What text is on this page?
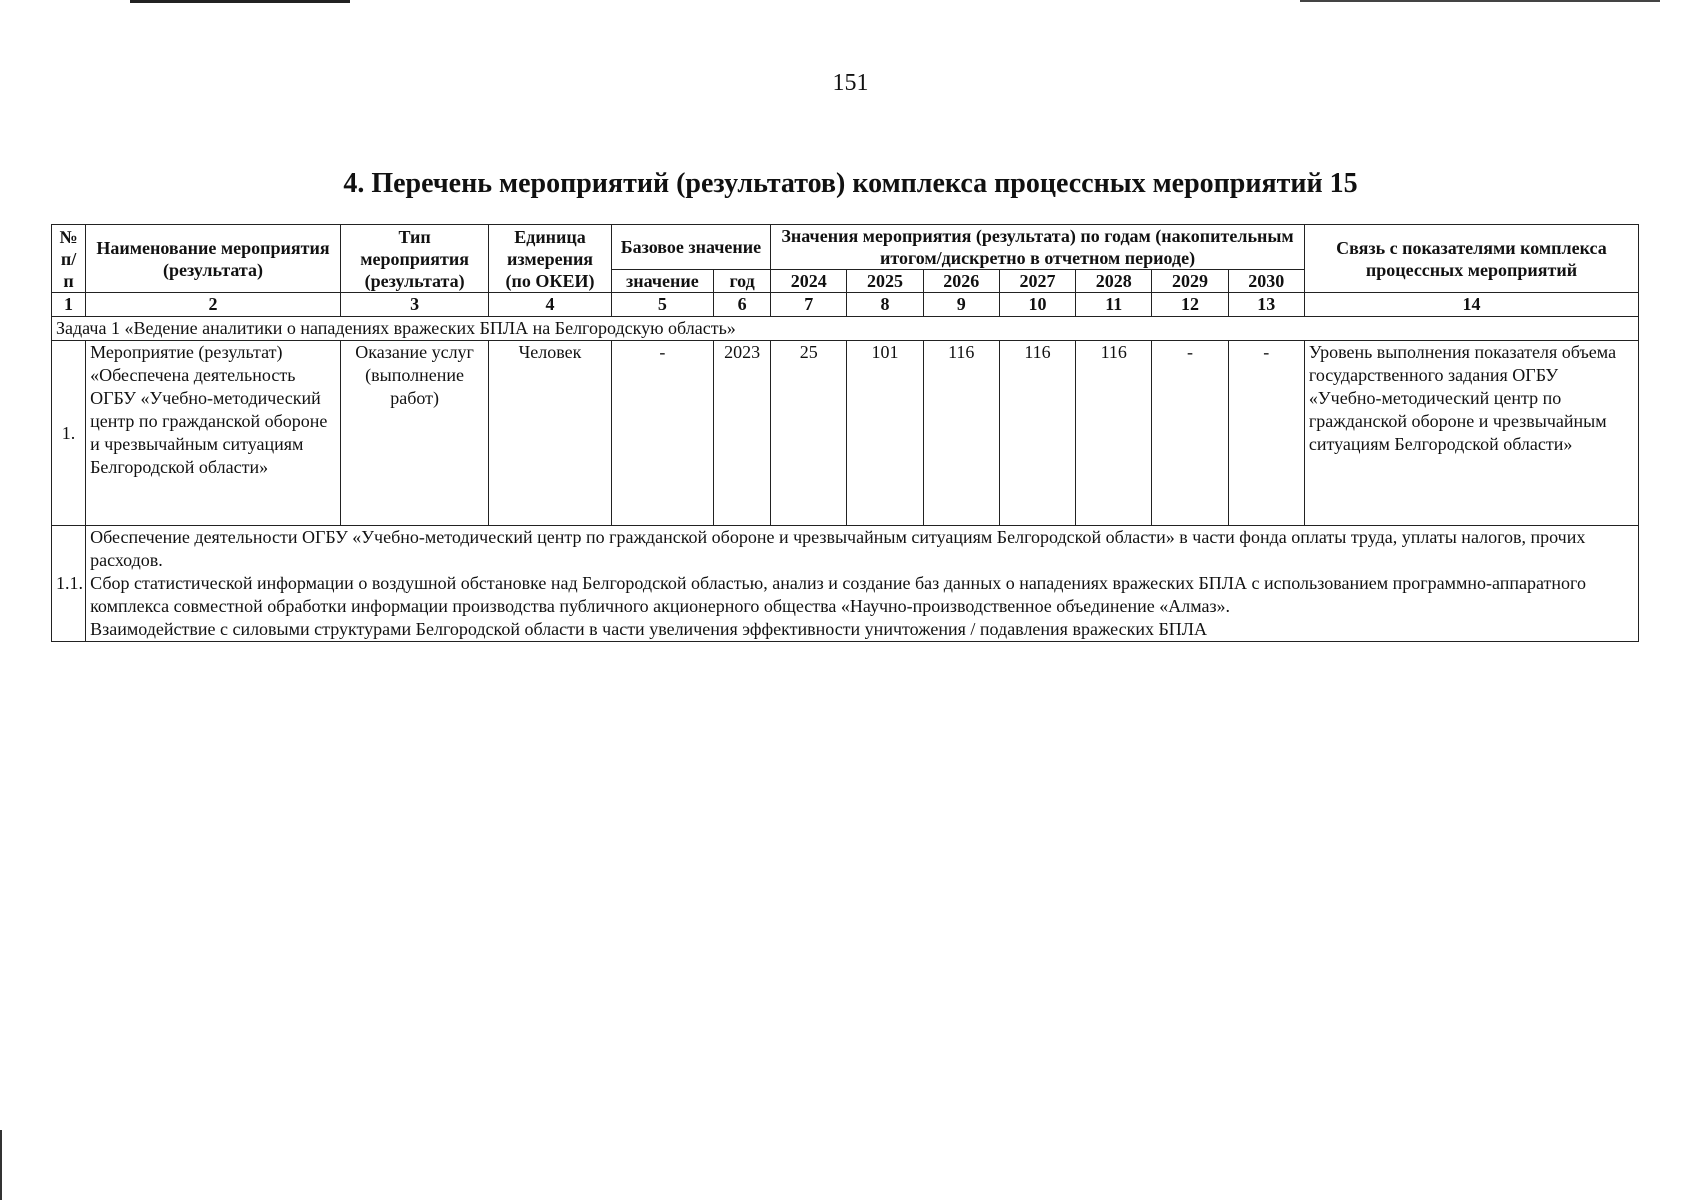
151
4. Перечень мероприятий (результатов) комплекса процессных мероприятий 15
№ п/п	Наименование мероприятия (результата)	Тип мероприятия (результата)	Единица измерения (по ОКЕИ)	Базовое значение		Значения мероприятия (результата) по годам (накопительным итогом/дискретно в отчетном периоде)							Связь с показателями комплекса процессных мероприятий

				значение	год	2024	2025	2026	2027	2028	2029	2030	
1	2	3	4	5	6	7	8	9	10	11	12	13	14
Задача 1 «Ведение аналитики о нападениях вражеских БПЛА на Белгородскую область»													
1.	Мероприятие (результат) «Обеспечена деятельность ОГБУ «Учебно-методический центр по гражданской обороне и чрезвычайным ситуациям Белгородской области»	Оказание услуг (выполнение работ)	Человек	-	2023	25	101	116	116	116	-	-	Уровень выполнения показателя объема государственного задания ОГБУ «Учебно-методический центр по гражданской обороне и чрезвычайным ситуациям Белгородской области»
1.1.	Обеспечение деятельности ОГБУ «Учебно-методический центр по гражданской обороне и чрезвычайным ситуациям Белгородской области» в части фонда оплаты труда, уплаты налогов, прочих расходов.
Сбор статистической информации о воздушной обстановке над Белгородской областью, анализ и создание баз данных о нападениях вражеских БПЛА с использованием программно-аппаратного комплекса совместной обработки информации производства публичного акционерного общества «Научно-производственное объединение «Алмаз».
Взаимодействие с силовыми структурами Белгородской области в части увеличения эффективности уничтожения / подавления вражеских БПЛА												
